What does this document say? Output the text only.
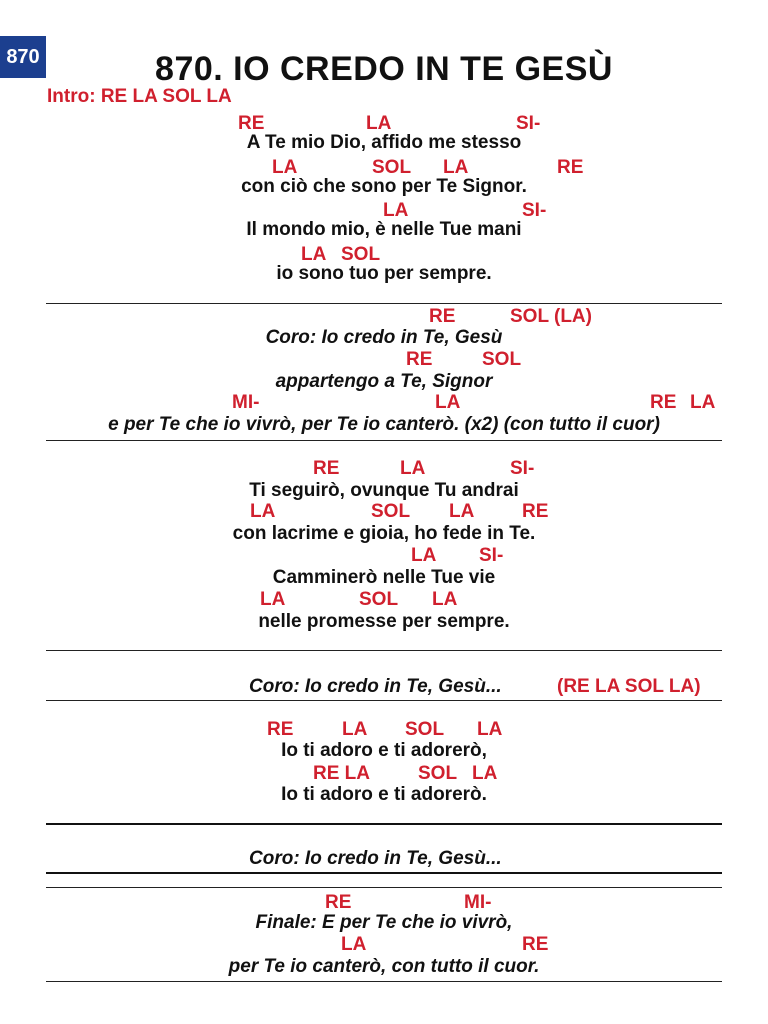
870	870. IO CREDO IN TE GESÙ
Intro: RE LA SOL LA
RE	LA	SI-
A Te mio Dio, affido me stesso
LA	SOL LA	RE
con ciò che sono per Te Signor.
LA	SI-
Il mondo mio, è nelle Tue mani
LA SOL
io sono tuo per sempre.
RE	SOL (LA)
Coro: Io credo in Te, Gesù
RE	SOL
appartengo a Te, Signor
MI-	LA	RE LA
e per Te che io vivrò, per Te io canterò. (x2) (con tutto il cuor)
RE	LA	SI-
Ti seguirò, ovunque Tu andrai
LA	SOL LA	RE
con lacrime e gioia, ho fede in Te.
LA SI-
Camminerò nelle Tue vie
LA	SOL LA
nelle promesse per sempre.
Coro: Io credo in Te, Gesù...	(RE LA SOL LA)
RE	LA SOL LA
Io ti adoro e ti adorerò,
RE LA	SOL LA
Io ti adoro e ti adorerò.
Coro: Io credo in Te, Gesù...
RE	MI-
Finale: E per Te che io vivrò,
LA	RE
per Te io canterò, con tutto il cuor.
